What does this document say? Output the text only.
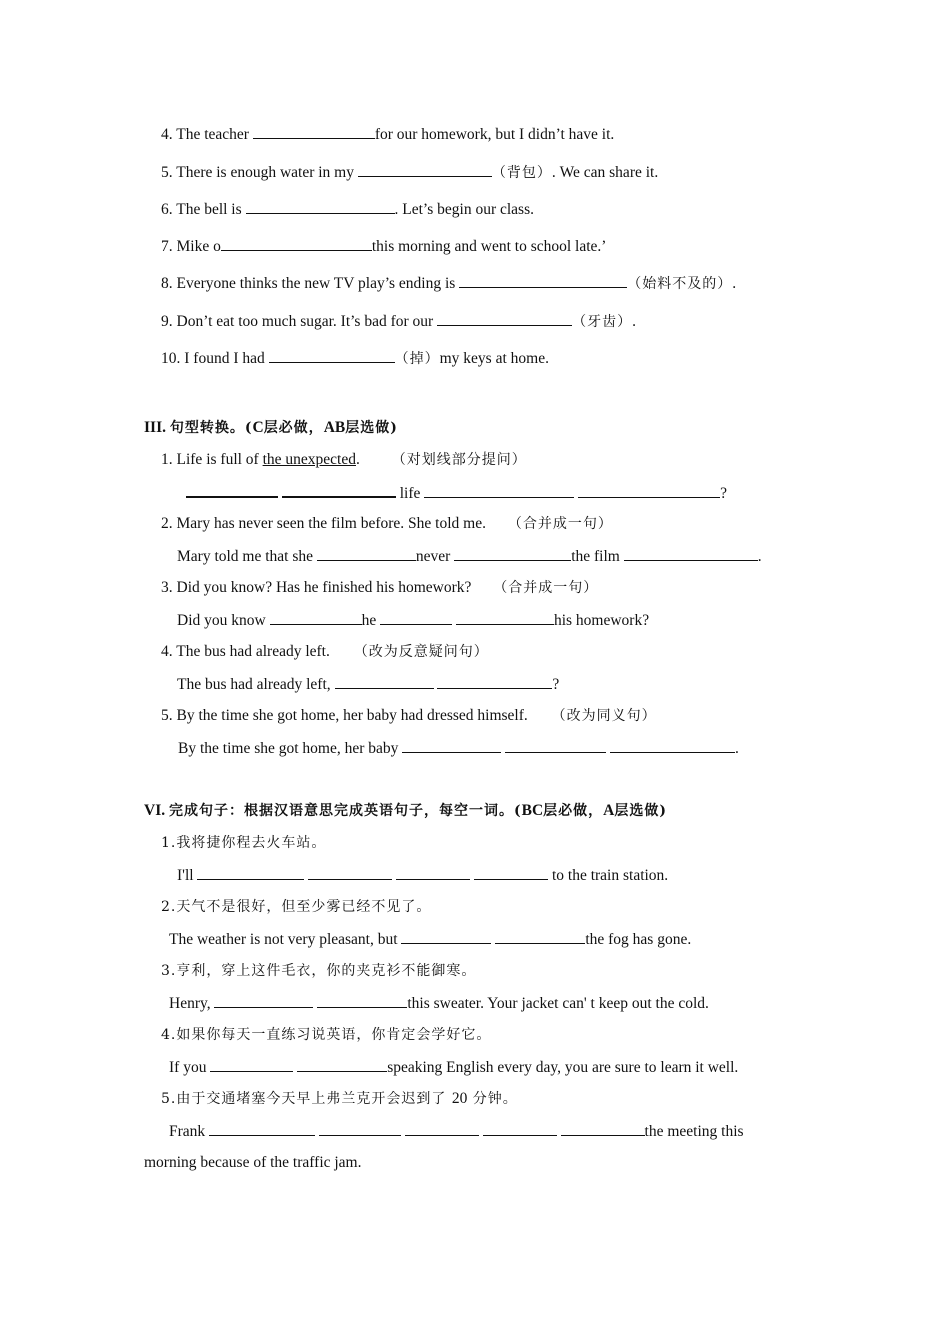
4. The teacher	for our homework, but I didn’t have it.
5. There is enough water in my	（背包）. We can share it.
6. The bell is	. Let’s begin our class.
7. Mike o	this morning and went to school late.’
8. Everyone thinks the new TV play’s ending is	（始料不及的）.
9. Don’t eat too much sugar. It’s bad for our	（牙齿）.
10. I found I had	（掉）my keys at home.
III. 句型转换。(C层必做，AB层选做)
1. Life is full of the unexpected. （对划线部分提问）
life	?
2. Mary has never seen the film before. She told me. （合并成一句）
Mary told me that she	never	the film	.
3. Did you know? Has he finished his homework? （合并成一句）
Did you know	he	his homework?
4. The bus had already left. （改为反意疑问句）
The bus had already left,	?
5. By the time she got home, her baby had dressed himself. （改为同义句）
By the time she got home, her baby	.
VI. 完成句子：根据汉语意思完成英语句子，每空一词。(BC层必做，A层选做)
1.我将捷你程去火车站。
I'll	to the train station.
2.天气不是很好，但至少雾已经不见了。
The weather is not very pleasant, but	the fog has gone.
3.亨利，穿上这件毛衣，你的夹克衫不能御寒。
Henry,	this sweater. Your jacket can' t keep out the cold.
4.如果你每天一直练习说英语，你肯定会学好它。
If you	speaking English every day, you are sure to learn it well.
5.由于交通堵塞今天早上弗兰克开会迟到了 20 分钟。
Frank	the meeting this
morning because of the traffic jam.
